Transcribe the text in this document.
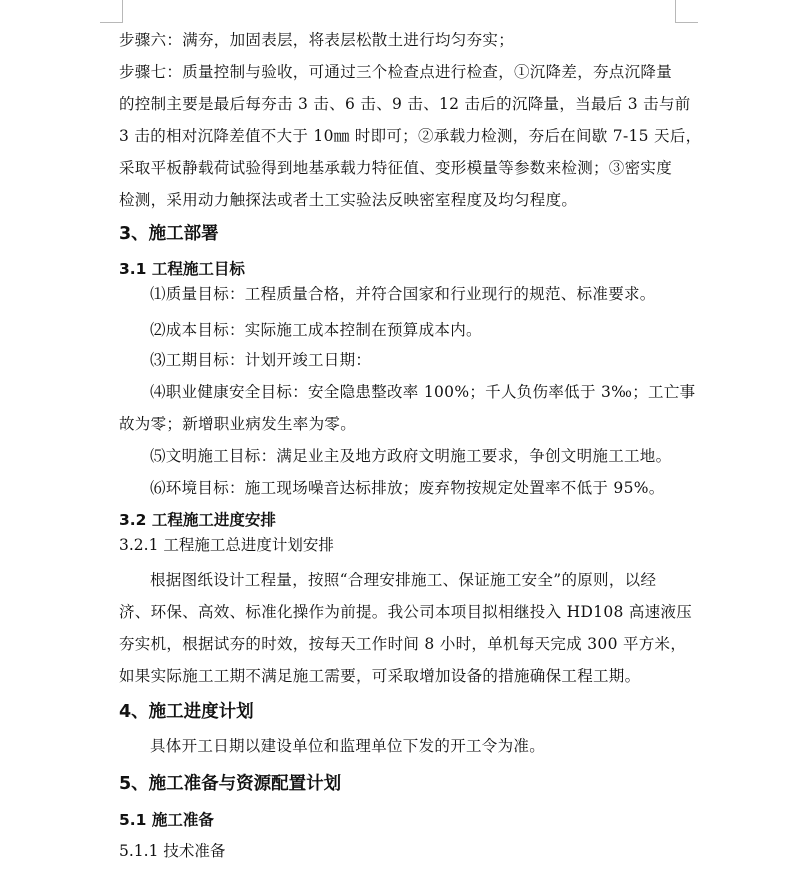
步骤六：满夯，加固表层，将表层松散土进行均匀夯实；
步骤七：质量控制与验收，可通过三个检查点进行检查，①沉降差，夯点沉降量
的控制主要是最后每夯击 3 击、6 击、9 击、12 击后的沉降量，当最后 3 击与前
3 击的相对沉降差值不大于 10㎜ 时即可；②承载力检测，夯后在间歇 7-15 天后，
采取平板静载荷试验得到地基承载力特征值、变形模量等参数来检测；③密实度
检测，采用动力触探法或者土工实验法反映密室程度及均匀程度。
3、施工部署
3.1 工程施工目标
⑴质量目标：工程质量合格，并符合国家和行业现行的规范、标准要求。
⑵成本目标：实际施工成本控制在预算成本内。
⑶工期目标：计划开竣工日期：
⑷职业健康安全目标：安全隐患整改率 100%；千人负伤率低于 3‰；工亡事
故为零；新增职业病发生率为零。
⑸文明施工目标：满足业主及地方政府文明施工要求，争创文明施工工地。
⑹环境目标：施工现场噪音达标排放；废弃物按规定处置率不低于 95%。
3.2 工程施工进度安排
3.2.1 工程施工总进度计划安排
根据图纸设计工程量，按照“合理安排施工、保证施工安全”的原则，以经
济、环保、高效、标准化操作为前提。我公司本项目拟相继投入 HD108 高速液压
夯实机，根据试夯的时效，按每天工作时间 8 小时，单机每天完成 300 平方米，
如果实际施工工期不满足施工需要，可采取增加设备的措施确保工程工期。
4、施工进度计划
具体开工日期以建设单位和监理单位下发的开工令为准。
5、施工准备与资源配置计划
5.1 施工准备
5.1.1 技术准备
